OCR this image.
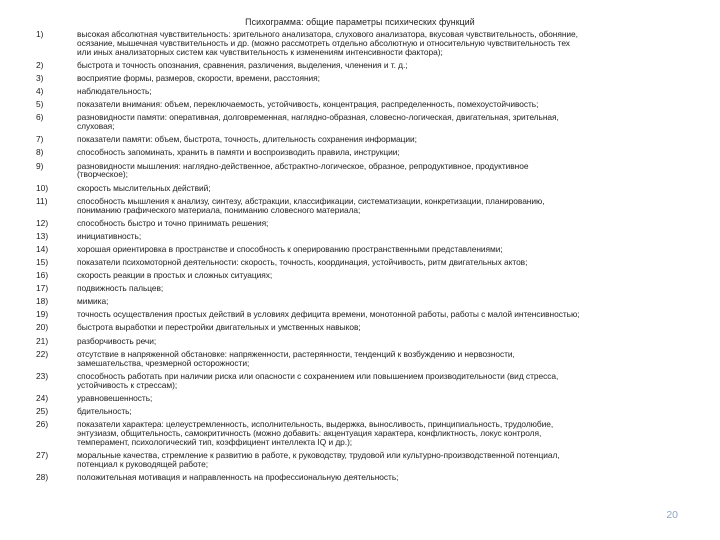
Психограмма: общие параметры психических функций
1)	высокая абсолютная чувствительность: зрительного анализатора, слухового анализатора, вкусовая чувствительность, обоняние,
осязание, мышечная чувствительность и др. (можно рассмотреть отдельно абсолютную и относительную чувствительность тех
или иных анализаторных систем как чувствительность к изменениям интенсивности фактора);
2)	быстрота и точность опознания, сравнения, различения, выделения, членения и т. д.;
3)	восприятие формы, размеров, скорости, времени, расстояния;
4)	наблюдательность;
5)	показатели внимания: объем, переключаемость, устойчивость, концентрация, распределенность, помехоустойчивость;
6)	разновидности памяти: оперативная, долговременная, наглядно-образная, словесно-логическая, двигательная, зрительная,
слуховая;
7)	показатели памяти: объем, быстрота, точность, длительность сохранения информации;
8)	способность запоминать, хранить в памяти и воспроизводить правила, инструкции;
9)	разновидности мышления: наглядно-действенное, абстрактно-логическое, образное, репродуктивное, продуктивное
(творческое);
10)	скорость мыслительных действий;
11)	способность мышления к анализу, синтезу, абстракции, классификации, систематизации, конкретизации, планированию,
пониманию графического материала, пониманию словесного материала;
12)	способность быстро и точно принимать решения;
13)	инициативность;
14)	хорошая ориентировка в пространстве и способность к оперированию пространственными представлениями;
15)	показатели психомоторной деятельности: скорость, точность, координация, устойчивость, ритм двигательных актов;
16)	скорость реакции в простых и сложных ситуациях;
17)	подвижность пальцев;
18)	мимика;
19)	точность осуществления простых действий в условиях дефицита времени, монотонной работы, работы с малой интенсивностью;
20)	быстрота выработки и перестройки двигательных и умственных навыков;
21)	разборчивость речи;
22)	отсутствие в напряженной обстановке: напряженности, растерянности, тенденций к возбуждению и нервозности,
замешательства, чрезмерной осторожности;
23)	способность работать при наличии риска или опасности с сохранением или повышением производительности (вид стресса,
устойчивость к стрессам);
24)	уравновешенность;
25)	бдительность;
26)	показатели характера: целеустремленность, исполнительность, выдержка, выносливость, принципиальность, трудолюбие,
энтузиазм, общительность, самокритичность (можно добавить: акцентуация характера, конфликтность, локус контроля,
темперамент, психологический тип, коэффициент интеллекта IQ и др.);
27)	моральные качества, стремление к развитию в работе, к руководству, трудовой или культурно-производственной потенциал,
потенциал к руководящей работе;
28)	положительная мотивация и направленность на профессиональную деятельность;
20
